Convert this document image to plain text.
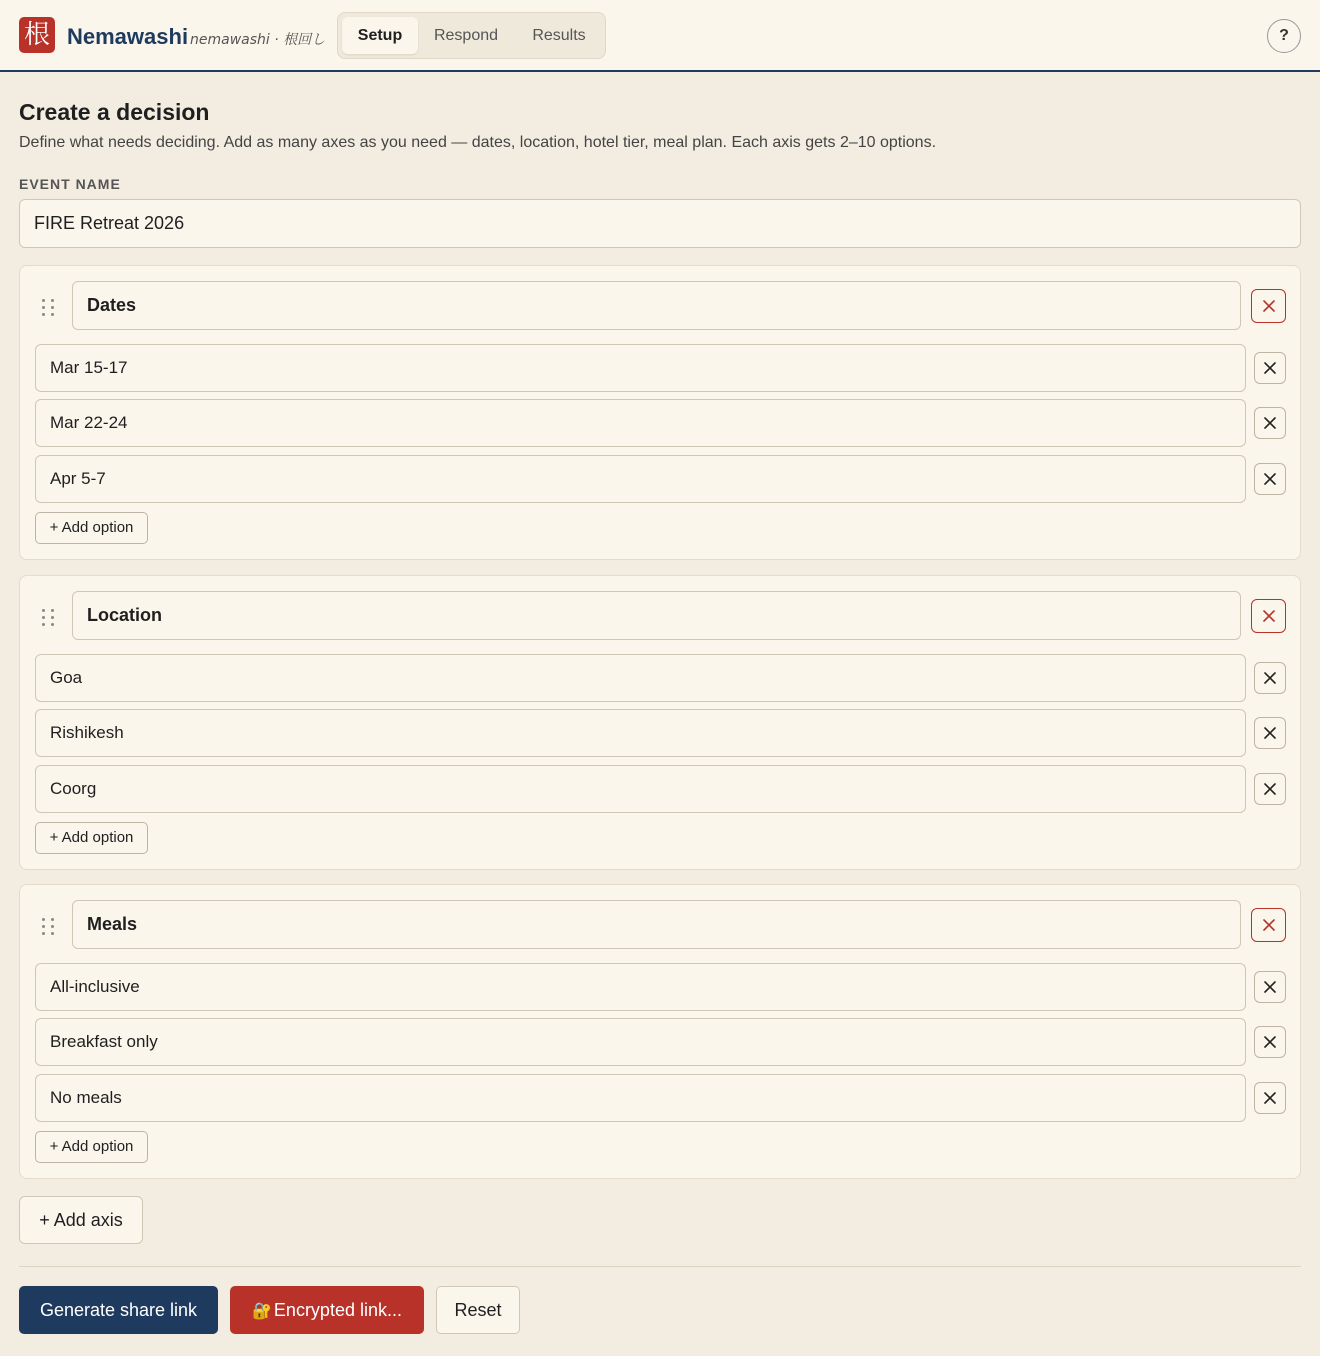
根 Nemawashi nemawashi · 根回し	Setup	Respond	Results	?
Create a decision
Define what needs deciding. Add as many axes as you need — dates, location, hotel tier, meal plan. Each axis gets 2–10 options.
EVENT NAME
FIRE Retreat 2026
Dates
Mar 15-17
Mar 22-24
Apr 5-7
+ Add option
Location
Goa
Rishikesh
Coorg
+ Add option
Meals
All-inclusive
Breakfast only
No meals
+ Add option
+ Add axis
Generate share link	🔐 Encrypted link...	Reset
